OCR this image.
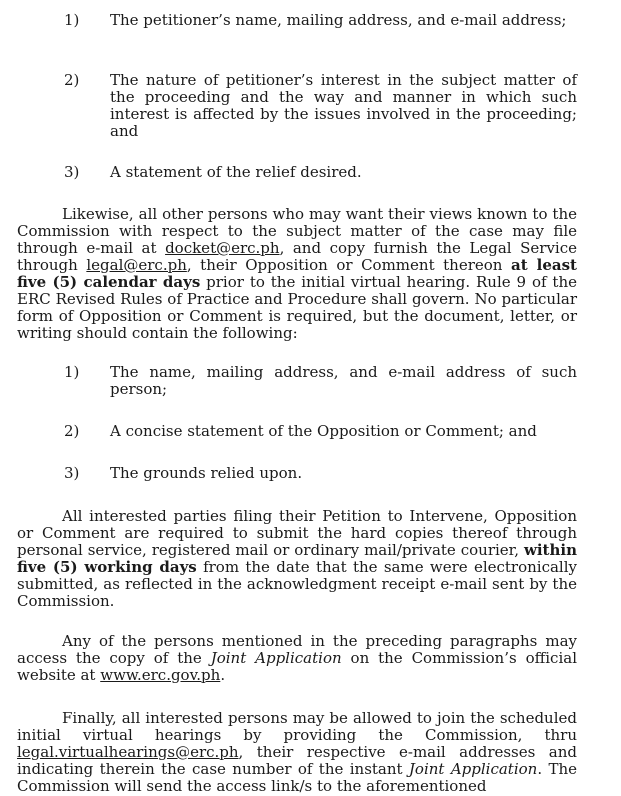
1) The petitioner’s name, mailing address, and e-mail address;
2) The nature of petitioner’s interest in the subject matter of the proceeding and the way and manner in which such interest is affected by the issues involved in the proceeding; and
3) A statement of the relief desired.

Likewise, all other persons who may want their views known to the Commission with respect to the subject matter of the case may file through e-mail at docket@erc.ph, and copy furnish the Legal Service through legal@erc.ph, their Opposition or Comment thereon at least five (5) calendar days prior to the initial virtual hearing. Rule 9 of the ERC Revised Rules of Practice and Procedure shall govern. No particular form of Opposition or Comment is required, but the document, letter, or writing should contain the following:

1) The name, mailing address, and e-mail address of such person;
2) A concise statement of the Opposition or Comment; and
3) The grounds relied upon.

All interested parties filing their Petition to Intervene, Opposition or Comment are required to submit the hard copies thereof through personal service, registered mail or ordinary mail/private courier, within five (5) working days from the date that the same were electronically submitted, as reflected in the acknowledgment receipt e-mail sent by the Commission.

Any of the persons mentioned in the preceding paragraphs may access the copy of the Joint Application on the Commission’s official website at www.erc.gov.ph.

Finally, all interested persons may be allowed to join the scheduled initial virtual hearings by providing the Commission, thru legal.virtualhearings@erc.ph, their respective e-mail addresses and indicating therein the case number of the instant Joint Application. The Commission will send the access link/s to the aforementioned
